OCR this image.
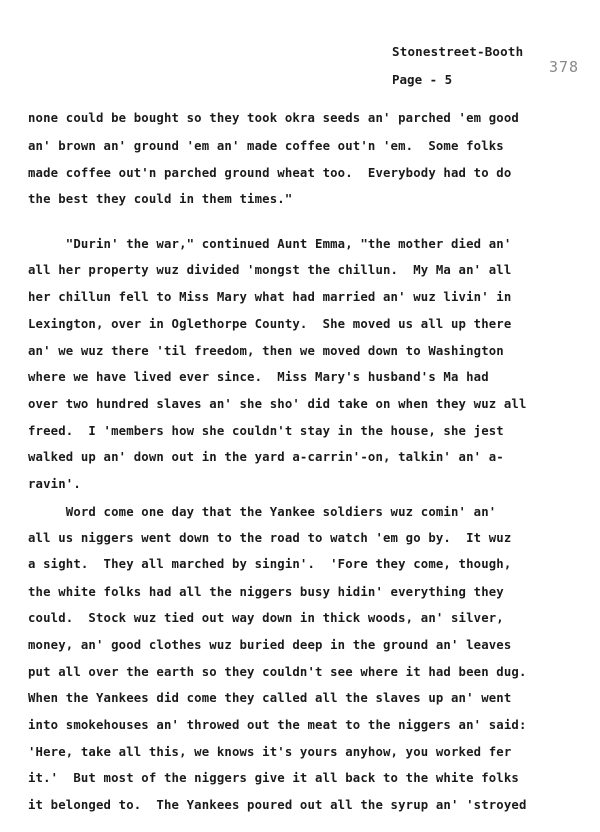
Stonestreet-Booth
Page - 5
378
none could be bought so they took okra seeds an' parched 'em good
an' brown an' ground 'em an' made coffee out'n 'em.  Some folks
made coffee out'n parched ground wheat too.  Everybody had to do
the best they could in them times."
"Durin' the war," continued Aunt Emma, "the mother died an'
all her property wuz divided 'mongst the chillun.  My Ma an' all
her chillun fell to Miss Mary what had married an' wuz livin' in
Lexington, over in Oglethorpe County.  She moved us all up there
an' we wuz there 'til freedom, then we moved down to Washington
where we have lived ever since.  Miss Mary's husband's Ma had
over two hundred slaves an' she sho' did take on when they wuz all
freed.  I 'members how she couldn't stay in the house, she jest
walked up an' down out in the yard a-carrin'-on, talkin' an' a-
ravin'.
Word come one day that the Yankee soldiers wuz comin' an'
all us niggers went down to the road to watch 'em go by.  It wuz
a sight.  They all marched by singin'.  'Fore they come, though,
the white folks had all the niggers busy hidin' everything they
could.  Stock wuz tied out way down in thick woods, an' silver,
money, an' good clothes wuz buried deep in the ground an' leaves
put all over the earth so they couldn't see where it had been dug.
When the Yankees did come they called all the slaves up an' went
into smokehouses an' throwed out the meat to the niggers an' said:
'Here, take all this, we knows it's yours anyhow, you worked fer
it.'  But most of the niggers give it all back to the white folks
it belonged to.  The Yankees poured out all the syrup an' 'stroyed
